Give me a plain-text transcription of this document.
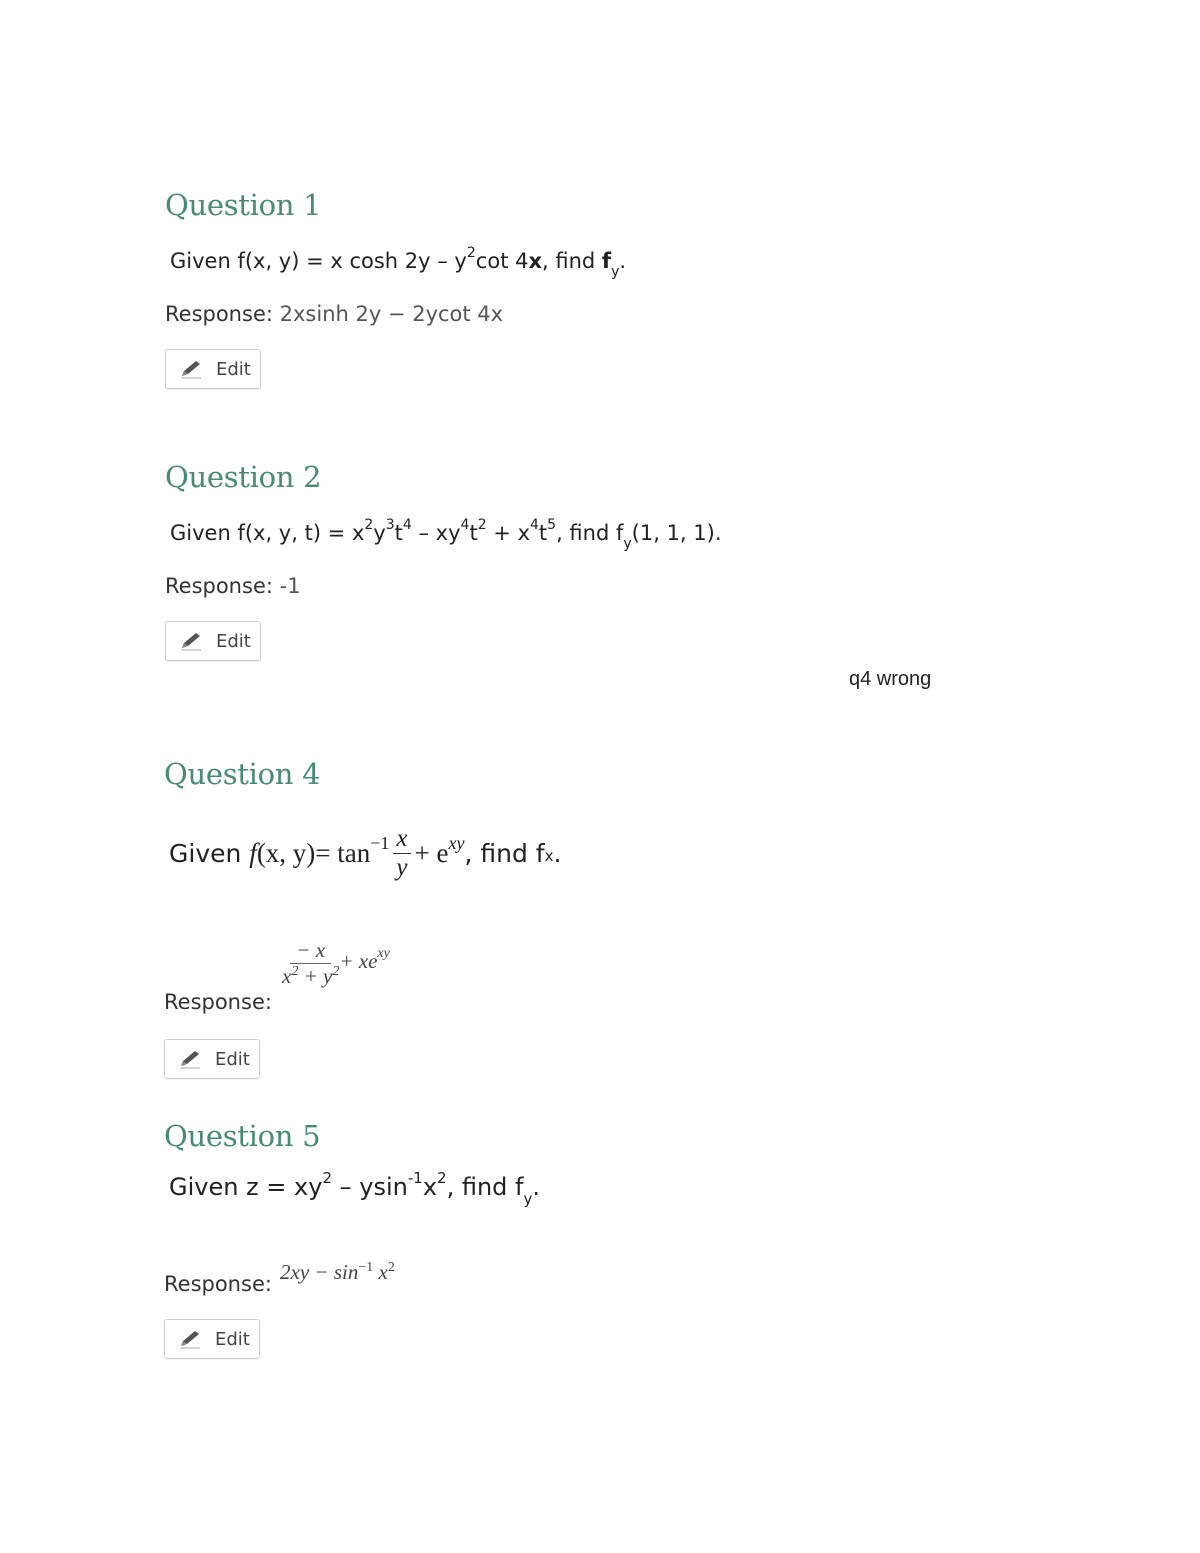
Question 1
Given f(x, y) = x $\cosh 2y - y^2\cot$ 4x, find $f_y$.
Response: 2xsinh 2y − 2ycot 4x
Edit
Question 2
Given f(x, y, $t) = x^2y^3t^4 - xy^4t^2 + x^4t^5$, find $f_y(1$, 1, 1).
Response: -1
Edit
q4 wrong
Question 4
Given
f (x, $y) = \tan^{-1} \frac{x}{y} + e^{xy}$ , find $f_x$ .
Response:
$\frac{- x}{x^2 + y^2} + xe^{xy}$
Edit
Question 5
Given $z = xy^2 - ysin^{-1}x^2$, find $f_y$.
Response: $2xy - \sin^{-1} x^2$
Edit
